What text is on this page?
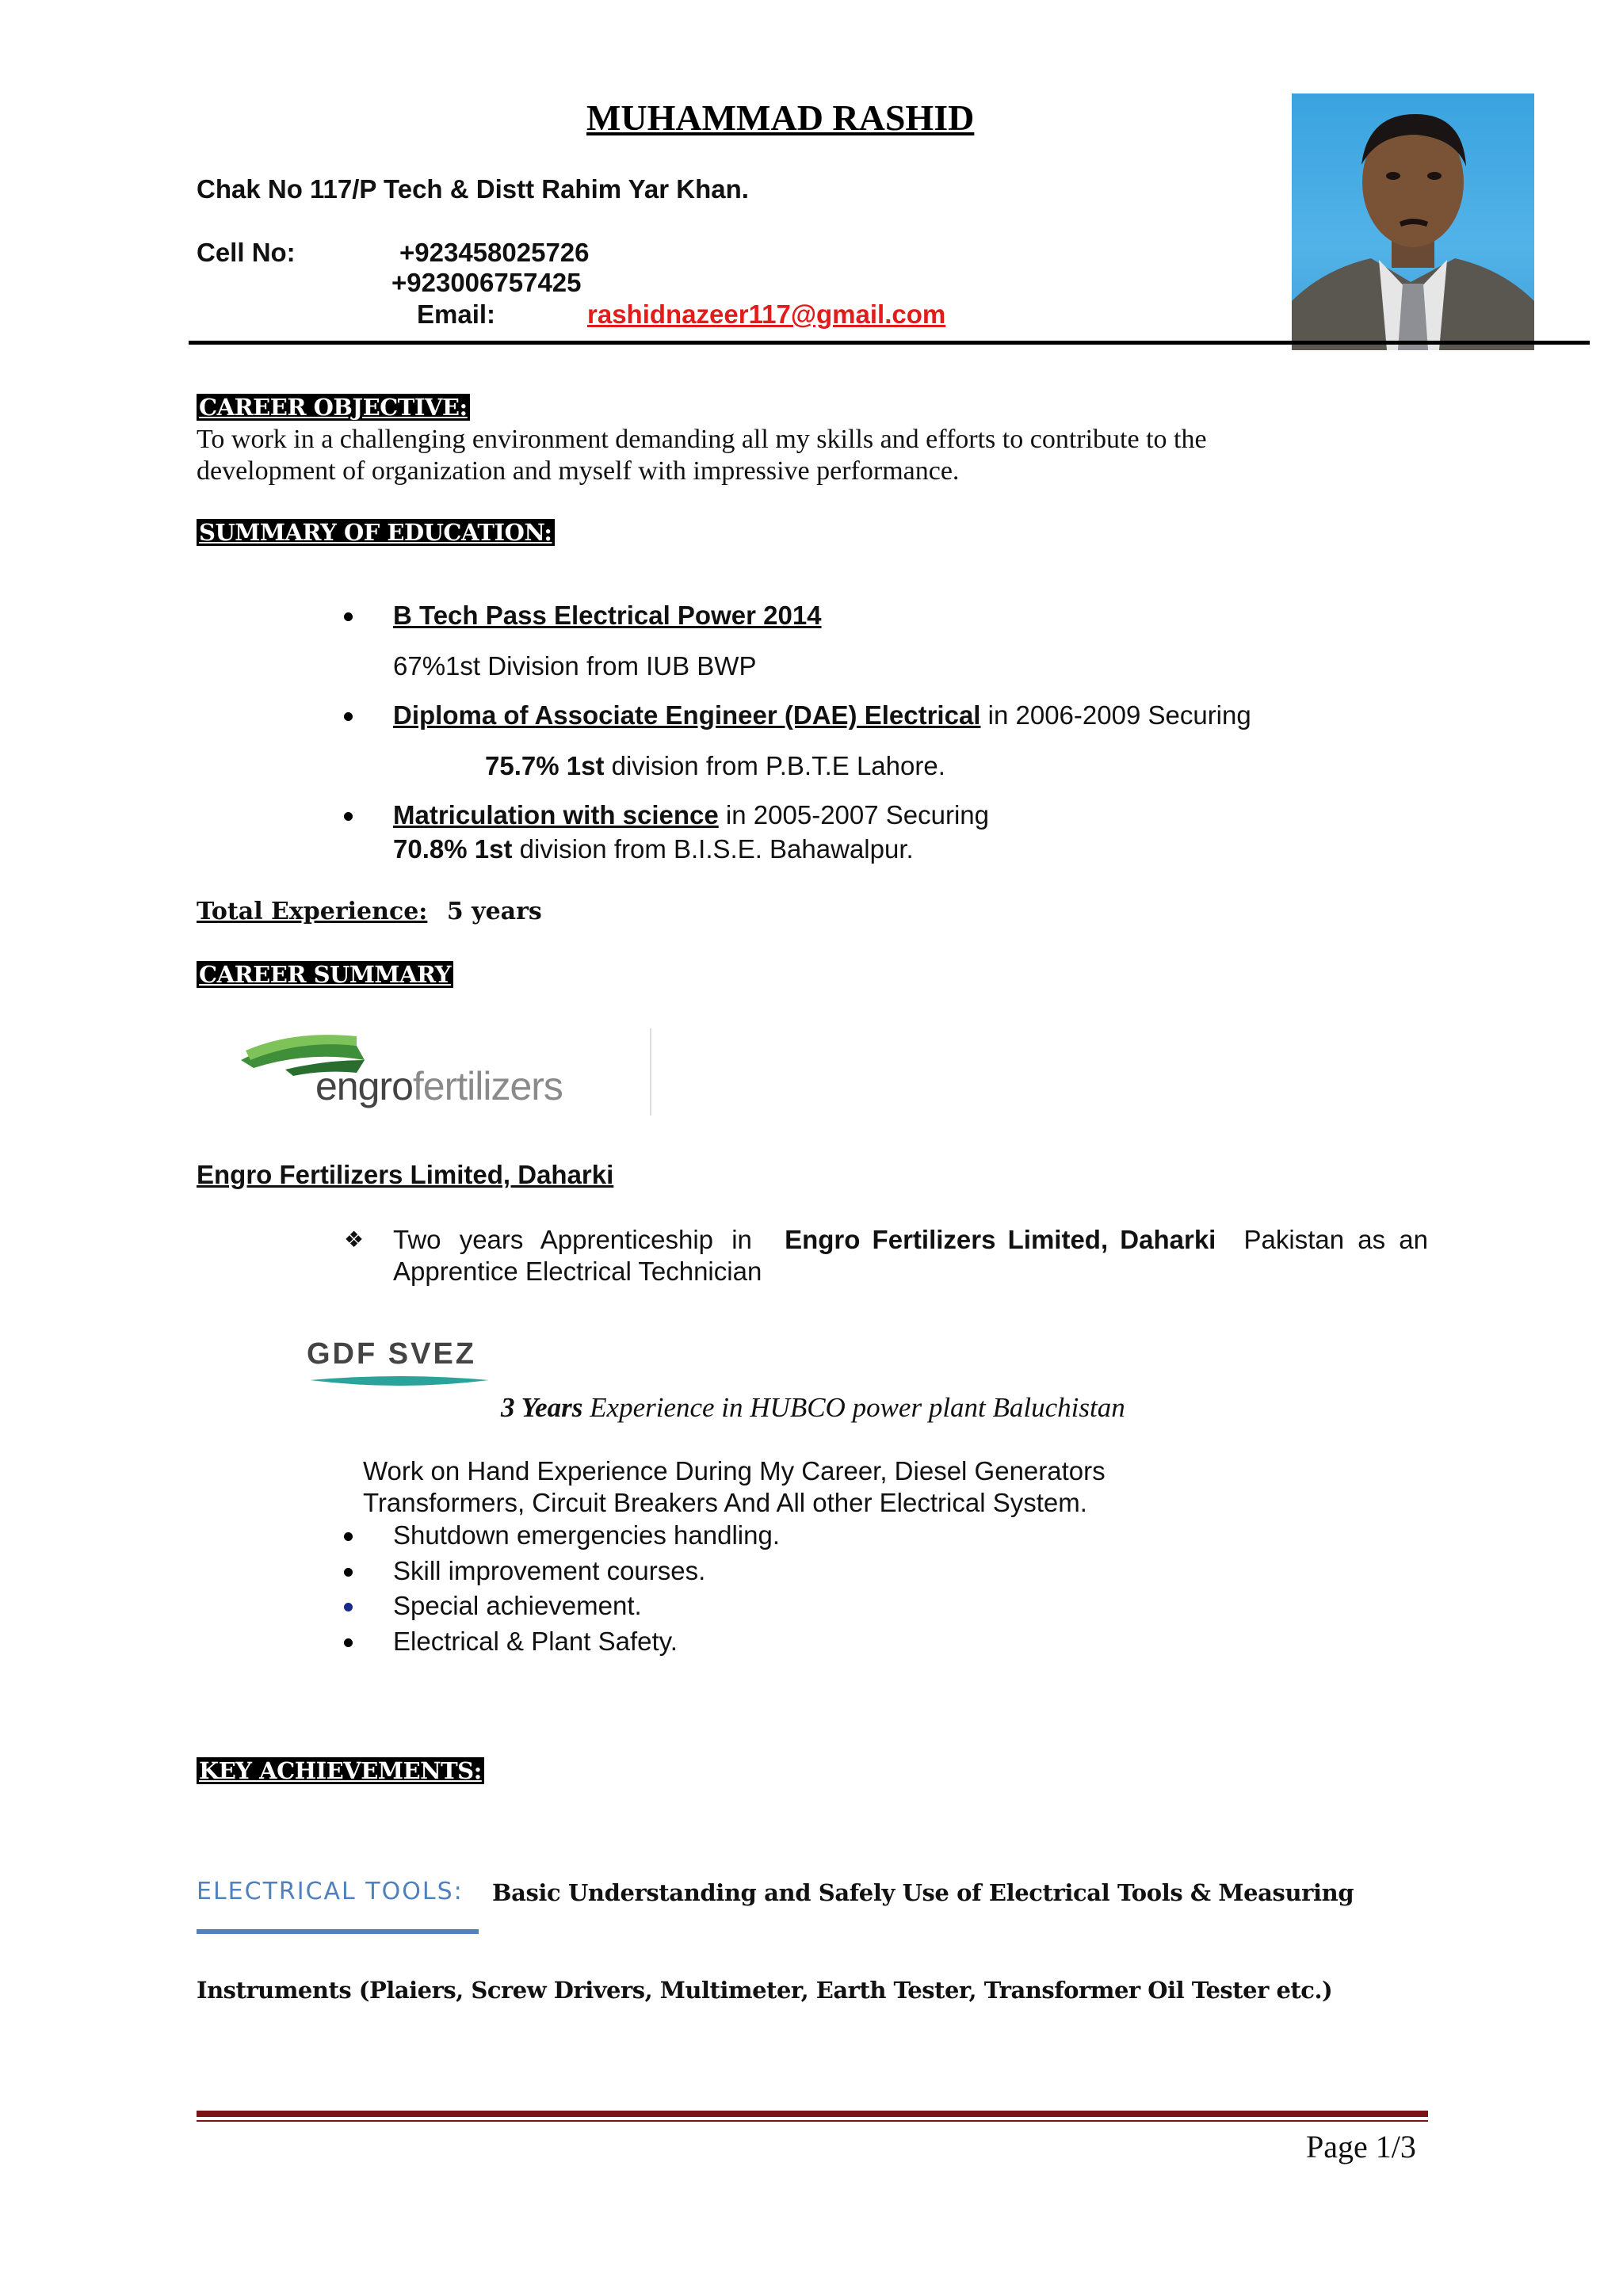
MUHAMMAD RASHID
Chak No 117/P Tech & Distt Rahim Yar Khan.
Cell No:	+923458025726
+923006757425
Email:	rashidnazeer117@gmail.com
CAREER OBJECTIVE:
To work in a challenging environment demanding all my skills and efforts to contribute to the
development of organization and myself with impressive performance.
SUMMARY OF EDUCATION:
B Tech Pass Electrical Power 2014
67%1st Division from IUB BWP
Diploma of Associate Engineer (DAE) Electrical in 2006-2009 Securing
75.7% 1st division from P.B.T.E Lahore.
Matriculation with science in 2005-2007 Securing
70.8% 1st division from B.I.S.E. Bahawalpur.
Total Experience: 5 years
CAREER SUMMARY
engrofertilizers
Engro Fertilizers Limited, Daharki
❖ Two years Apprenticeship in Engro Fertilizers Limited, Daharki Pakistan as an
Apprentice Electrical Technician
GDF SVEZ
3 Years Experience in HUBCO power plant Baluchistan
Work on Hand Experience During My Career, Diesel Generators
Transformers, Circuit Breakers And All other Electrical System.
Shutdown emergencies handling.
Skill improvement courses.
Special achievement.
Electrical & Plant Safety.
KEY ACHIEVEMENTS:
ELECTRICAL TOOLS: Basic Understanding and Safely Use of Electrical Tools & Measuring
Instruments (Plaiers, Screw Drivers, Multimeter, Earth Tester, Transformer Oil Tester etc.)
Page 1/3
